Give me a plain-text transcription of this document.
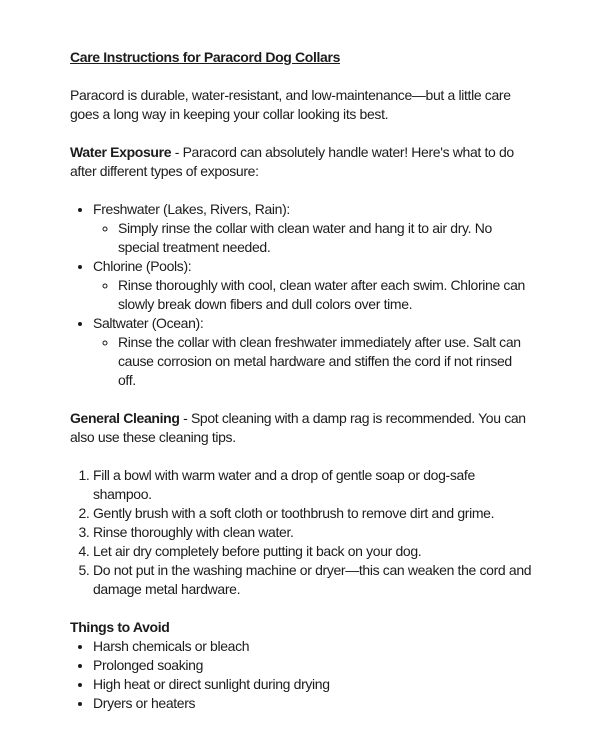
Care Instructions for Paracord Dog Collars

Paracord is durable, water-resistant, and low-maintenance—but a little care goes a long way in keeping your collar looking its best.

Water Exposure - Paracord can absolutely handle water! Here's what to do after different types of exposure:

• Freshwater (Lakes, Rivers, Rain):
◦ Simply rinse the collar with clean water and hang it to air dry. No special treatment needed.
• Chlorine (Pools):
◦ Rinse thoroughly with cool, clean water after each swim. Chlorine can slowly break down fibers and dull colors over time.
• Saltwater (Ocean):
◦ Rinse the collar with clean freshwater immediately after use. Salt can cause corrosion on metal hardware and stiffen the cord if not rinsed off.

General Cleaning - Spot cleaning with a damp rag is recommended. You can also use these cleaning tips.

1. Fill a bowl with warm water and a drop of gentle soap or dog-safe shampoo.
2. Gently brush with a soft cloth or toothbrush to remove dirt and grime.
3. Rinse thoroughly with clean water.
4. Let air dry completely before putting it back on your dog.
5. Do not put in the washing machine or dryer—this can weaken the cord and damage metal hardware.

Things to Avoid

• Harsh chemicals or bleach
• Prolonged soaking
• High heat or direct sunlight during drying
• Dryers or heaters
